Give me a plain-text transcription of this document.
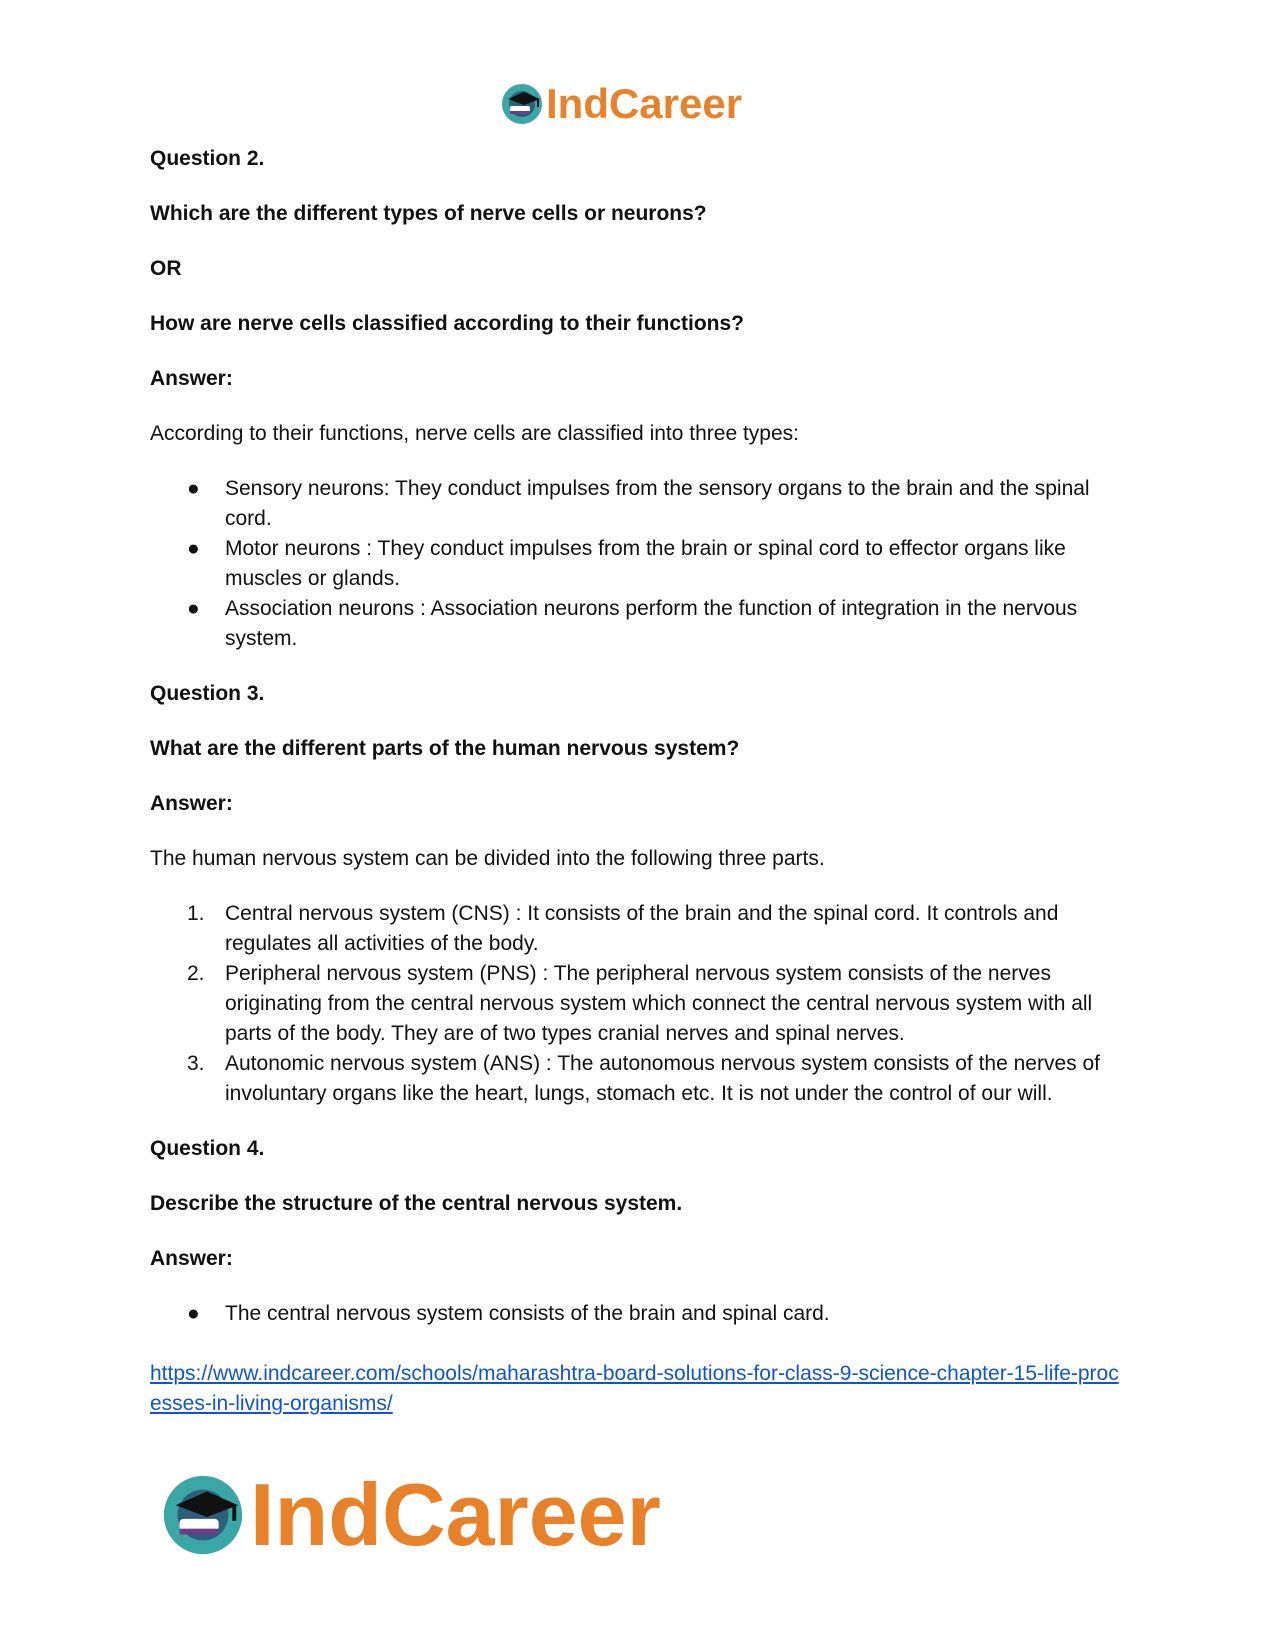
IndCareer

Question 2.

Which are the different types of nerve cells or neurons?

OR

How are nerve cells classified according to their functions?

Answer:

According to their functions, nerve cells are classified into three types:

● Sensory neurons: They conduct impulses from the sensory organs to the brain and the spinal cord.
● Motor neurons : They conduct impulses from the brain or spinal cord to effector organs like muscles or glands.
● Association neurons : Association neurons perform the function of integration in the nervous system.

Question 3.

What are the different parts of the human nervous system?

Answer:

The human nervous system can be divided into the following three parts.

1. Central nervous system (CNS) : It consists of the brain and the spinal cord. It controls and regulates all activities of the body.
2. Peripheral nervous system (PNS) : The peripheral nervous system consists of the nerves originating from the central nervous system which connect the central nervous system with all parts of the body. They are of two types cranial nerves and spinal nerves.
3. Autonomic nervous system (ANS) : The autonomous nervous system consists of the nerves of involuntary organs like the heart, lungs, stomach etc. It is not under the control of our will.

Question 4.

Describe the structure of the central nervous system.

Answer:

● The central nervous system consists of the brain and spinal card.
https://www.indcareer.com/schools/maharashtra-board-solutions-for-class-9-science-chapter-15-life-processes-in-living-organisms/
IndCareer
